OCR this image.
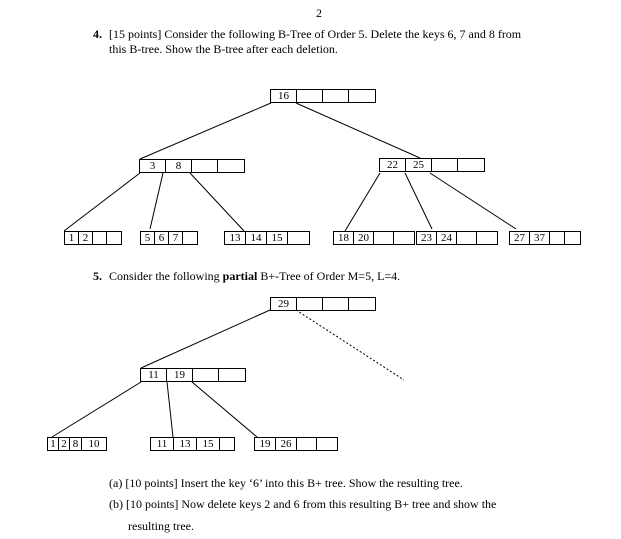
2
4. [15 points] Consider the following B-Tree of Order 5. Delete the keys 6, 7 and 8 from
this B-tree. Show the B-tree after each deletion.
16
3	8	22	25
1 2	5 6 7	13 14 15	18 20	23 24	27 37
5. Consider the following partial B+-Tree of Order M=5, L=4.
29
11	19
1 2 8 10	11	13	15	19 26
(a) [10 points] Insert the key ‘6’ into this B+ tree. Show the resulting tree.
(b) [10 points] Now delete keys 2 and 6 from this resulting B+ tree and show the
resulting tree.
